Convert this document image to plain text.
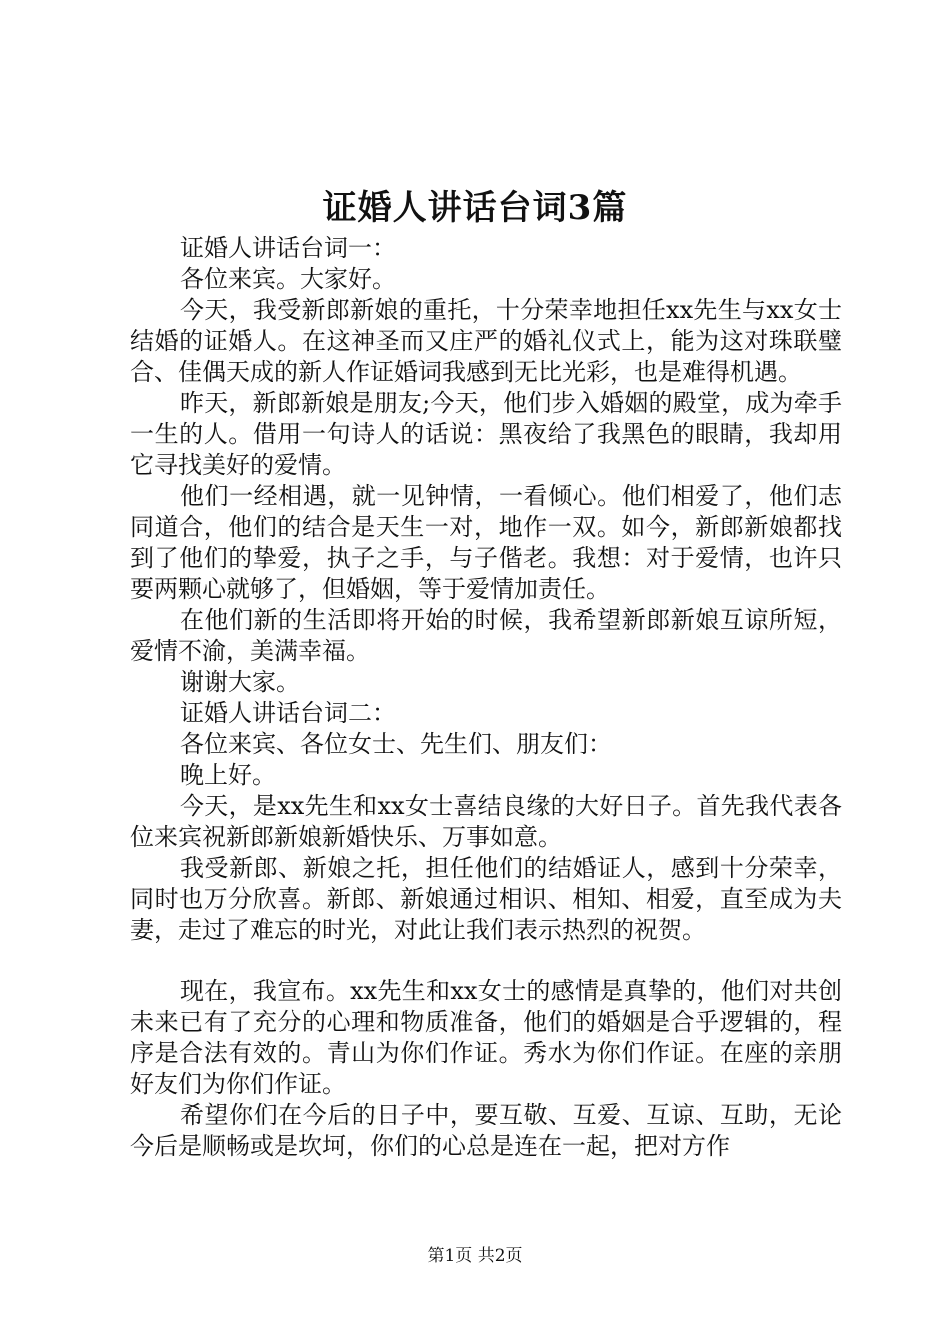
证婚人讲话台词3篇

证婚人讲话台词一：

各位来宾。大家好。

今天，我受新郎新娘的重托，十分荣幸地担任xx先生与xx女士结婚的证婚人。在这神圣而又庄严的婚礼仪式上，能为这对珠联璧合、佳偶天成的新人作证婚词我感到无比光彩，也是难得机遇。

昨天，新郎新娘是朋友;今天，他们步入婚姻的殿堂，成为牵手一生的人。借用一句诗人的话说：黑夜给了我黑色的眼睛，我却用它寻找美好的爱情。

他们一经相遇，就一见钟情，一看倾心。他们相爱了，他们志同道合，他们的结合是天生一对，地作一双。如今，新郎新娘都找到了他们的挚爱，执子之手，与子偕老。我想：对于爱情，也许只要两颗心就够了，但婚姻，等于爱情加责任。

在他们新的生活即将开始的时候，我希望新郎新娘互谅所短，爱情不渝，美满幸福。

谢谢大家。

证婚人讲话台词二：

各位来宾、各位女士、先生们、朋友们：

晚上好。

今天，是xx先生和xx女士喜结良缘的大好日子。首先我代表各位来宾祝新郎新娘新婚快乐、万事如意。

我受新郎、新娘之托，担任他们的结婚证人，感到十分荣幸，同时也万分欣喜。新郎、新娘通过相识、相知、相爱，直至成为夫妻，走过了难忘的时光，对此让我们表示热烈的祝贺。

现在，我宣布。xx先生和xx女士的感情是真挚的，他们对共创未来已有了充分的心理和物质准备，他们的婚姻是合乎逻辑的，程序是合法有效的。青山为你们作证。秀水为你们作证。在座的亲朋好友们为你们作证。

希望你们在今后的日子中，要互敬、互爱、互谅、互助，无论今后是顺畅或是坎坷，你们的心总是连在一起，把对方作

第1页 共2页
